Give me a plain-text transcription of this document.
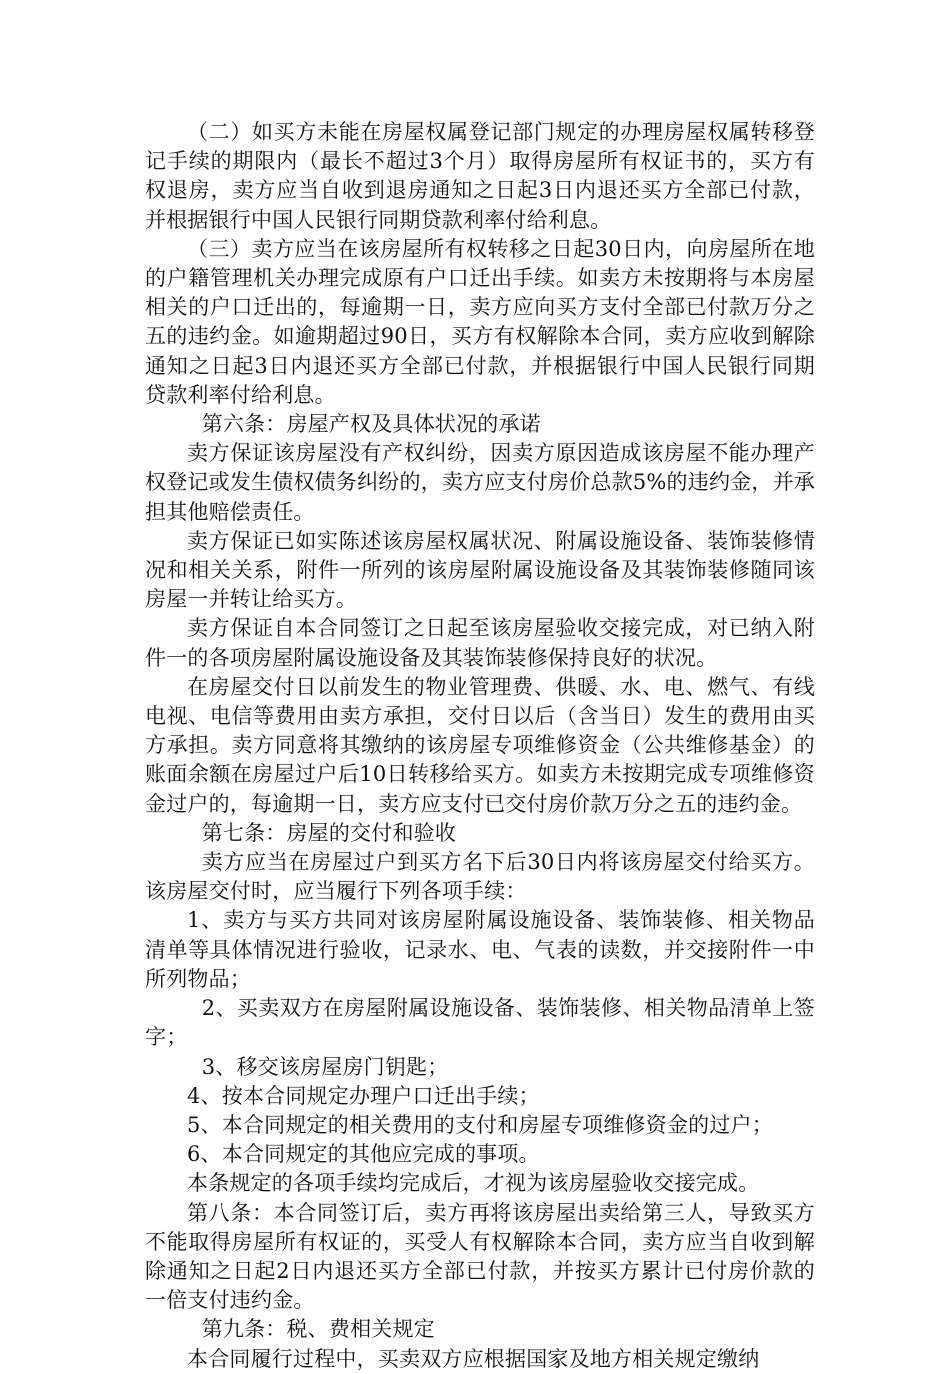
（二）如买方未能在房屋权属登记部门规定的办理房屋权属转移登记手续的期限内（最长不超过3个月）取得房屋所有权证书的，买方有权退房，卖方应当自收到退房通知之日起3日内退还买方全部已付款，并根据银行中国人民银行同期贷款利率付给利息。

（三）卖方应当在该房屋所有权转移之日起30日内，向房屋所在地的户籍管理机关办理完成原有户口迁出手续。如卖方未按期将与本房屋相关的户口迁出的，每逾期一日，卖方应向买方支付全部已付款万分之五的违约金。如逾期超过90日，买方有权解除本合同，卖方应收到解除通知之日起3日内退还买方全部已付款，并根据银行中国人民银行同期贷款利率付给利息。

第六条：房屋产权及具体状况的承诺

卖方保证该房屋没有产权纠纷，因卖方原因造成该房屋不能办理产权登记或发生债权债务纠纷的，卖方应支付房价总款5%的违约金，并承担其他赔偿责任。

卖方保证已如实陈述该房屋权属状况、附属设施设备、装饰装修情况和相关关系，附件一所列的该房屋附属设施设备及其装饰装修随同该房屋一并转让给买方。

卖方保证自本合同签订之日起至该房屋验收交接完成，对已纳入附件一的各项房屋附属设施设备及其装饰装修保持良好的状况。

在房屋交付日以前发生的物业管理费、供暖、水、电、燃气、有线电视、电信等费用由卖方承担，交付日以后（含当日）发生的费用由买方承担。卖方同意将其缴纳的该房屋专项维修资金（公共维修基金）的账面余额在房屋过户后10日转移给买方。如卖方未按期完成专项维修资金过户的，每逾期一日，卖方应支付已交付房价款万分之五的违约金。

第七条：房屋的交付和验收

卖方应当在房屋过户到买方名下后30日内将该房屋交付给买方。该房屋交付时，应当履行下列各项手续：

1、卖方与买方共同对该房屋附属设施设备、装饰装修、相关物品清单等具体情况进行验收，记录水、电、气表的读数，并交接附件一中所列物品；

2、买卖双方在房屋附属设施设备、装饰装修、相关物品清单上签字；

3、移交该房屋房门钥匙；

4、按本合同规定办理户口迁出手续；

5、本合同规定的相关费用的支付和房屋专项维修资金的过户；

6、本合同规定的其他应完成的事项。

本条规定的各项手续均完成后，才视为该房屋验收交接完成。

第八条：本合同签订后，卖方再将该房屋出卖给第三人，导致买方不能取得房屋所有权证的，买受人有权解除本合同，卖方应当自收到解除通知之日起2日内退还买方全部已付款，并按买方累计已付房价款的一倍支付违约金。

第九条：税、费相关规定

本合同履行过程中，买卖双方应根据国家及地方相关规定缴纳
